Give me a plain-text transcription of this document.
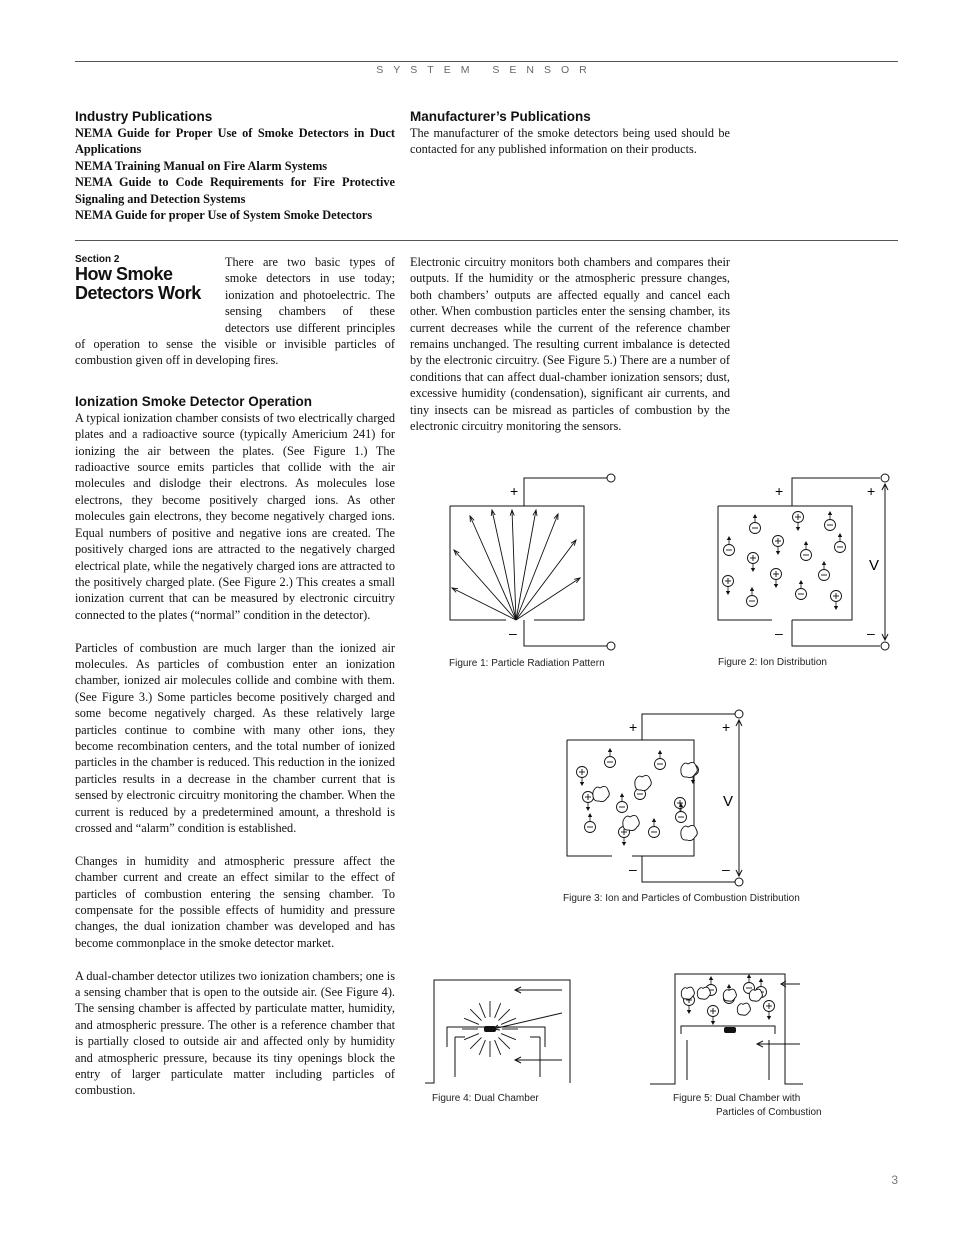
SYSTEM SENSOR
Industry Publications
NEMA Guide for Proper Use of Smoke Detectors in Duct Applications
NEMA Training Manual on Fire Alarm Systems
NEMA Guide to Code Requirements for Fire Protective Signaling and Detection Systems
NEMA Guide for proper Use of System Smoke Detectors
Manufacturer’s Publications

The manufacturer of the smoke detectors being used should be contacted for any published information on their products.

Section 2
How Smoke Detectors Work

There are two basic types of smoke detectors in use today; ionization and photoelectric. The sensing chambers of these detectors use different principles of operation to sense the visible or invisible particles of combustion given off in developing fires.

Ionization Smoke Detector Operation

A typical ionization chamber consists of two electrically charged plates and a radioactive source (typically Americium 241) for ionizing the air between the plates. (See Figure 1.) The radioactive source emits particles that collide with the air molecules and dislodge their electrons. As molecules lose electrons, they become positively charged ions. As other molecules gain electrons, they become negatively charged ions. Equal numbers of positive and negative ions are created. The positively charged ions are attracted to the negatively charged electrical plate, while the negatively charged ions are attracted to the positively charged plate. (See Figure 2.) This creates a small ionization current that can be measured by electronic circuitry connected to the plates (“normal” condition in the detector).

Particles of combustion are much larger than the ionized air molecules. As particles of combustion enter an ionization chamber, ionized air molecules collide and combine with them. (See Figure 3.) Some particles become positively charged and some become negatively charged. As these relatively large particles continue to combine with many other ions, they become recombination centers, and the total number of ionized particles in the chamber is reduced. This reduction in the ionized particles results in a decrease in the chamber current that is sensed by electronic circuitry monitoring the chamber. When the current is reduced by a predetermined amount, a threshold is crossed and “alarm” condition is established.

Changes in humidity and atmospheric pressure affect the chamber current and create an effect similar to the effect of particles of combustion entering the sensing chamber. To compensate for the possible effects of humidity and pressure changes, the dual ionization chamber was developed and has become commonplace in the smoke detector market.

A dual-chamber detector utilizes two ionization chambers; one is a sensing chamber that is open to the outside air. (See Figure 4). The sensing chamber is affected by particulate matter, humidity, and atmospheric pressure. The other is a reference chamber that is partially closed to outside air and affected only by humidity and atmospheric pressure, because its tiny openings block the entry of larger particulate matter including particles of combustion.

Electronic circuitry monitors both chambers and compares their outputs. If the humidity or the atmospheric pressure changes, both chambers’ outputs are affected equally and cancel each other. When combustion particles enter the sensing chamber, its current decreases while the current of the reference chamber remains unchanged. The resulting current imbalance is detected by the electronic circuitry. (See Figure 5.) There are a number of conditions that can affect dual-chamber ionization sensors; dust, excessive humidity (condensation), significant air currents, and tiny insects can be misread as particles of combustion by the electronic circuitry monitoring the sensors.

+
–
Figure 1: Particle Radiation Pattern
+	+
V
–	–
Figure 2: Ion Distribution
+	+
V
–	–
Figure 3: Ion and Particles of Combustion Distribution
Figure 4: Dual Chamber	Figure 5: Dual Chamber with
Particles of Combustion
3
